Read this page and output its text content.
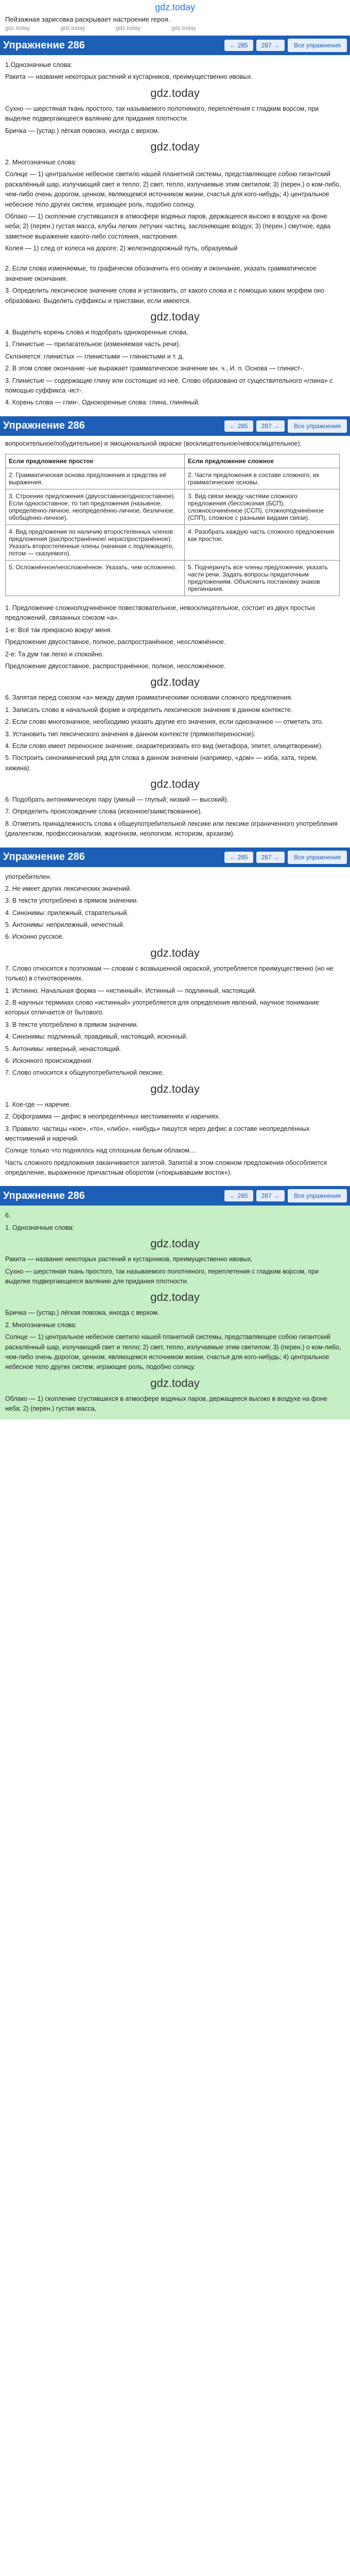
gdz.today
Пейзажная зарисовка раскрывает настроение героя.
gdz.today	gdz.today	gdz.today	gdz.today
Упражнение 286	← 285	287 →	Все упражнения

1.Однозначные слова:

Ракита — название некоторых растений и кустарников, преимущественно ивовых.

gdz.today

Сухно — шерстяная ткань простого, так называемого полотняного, переплетения с гладким ворсом, при выделке подвергающееся валянию для придания плотности.

Бричка — (устар.) лёгкая повозка, иногда с верхом.

gdz.today

2. Многозначные слова:

Солнце — 1) центральное небесное светило нашей планетной системы, представляющее собою гигантский раскалённый шар, излучающий свет и тепло; 2) свет, тепло, излучаемые этим светилом; 3) (перен.) о ком-либо, чем-либо очень дорогом, ценном, являющемся источником жизни, счастья для кого-нибудь; 4) центральное небесное тело других систем, играющее роль, подобно солнцу.

Облако — 1) скопление сгустившихся в атмосфере водяных паров, держащееся высоко в воздухе на фоне неба; 2) (перен.) густая масса, клубы легких летучих частиц, заслоняющие воздух; 3) (перен.) смутное, едва заметное выражение какого-либо состояния, настроения.

Колея — 1) след от колеса на дороге; 2) железнодорожный путь, образуемый

2. Если слова изменяемые, то графически обозначить его основу и окончание, указать грамматическое значение окончания.

3. Определить лексическое значение слова и установить, от какого слова и с помощью каких морфем оно образовано. Выделить суффиксы и приставки, если имеются.

gdz.today

4. Выделить корень слова и подобрать однокоренные слова.

1. Глинистые — прилагательное (изменяемая часть речи).

Склоняется: глинистых — глинистыми — глинистыми и т. д.

2. В этом слове окончание -ые выражает грамматическое значение мн. ч., И. п. Основа — глинист-.

3. Глинистые — содержащие глину или состоящие из неё. Слово образовано от существительного «глина» с помощью суффикса -ист-.

4. Корень слова — глин-. Однокоренные слова: глина, глиняный.

Упражнение 286	← 285	287 →	Все упражнения
вопросительное/побудительное) и эмоциональной окраске (восклицательное/невосклицательное).
Если предложение простое	Если предложение сложное
2. Грамматическая основа предложения и средства её выражения.	2. Части предложения в составе сложного, их грамматические основы.
3. Строение предложения (двусоставное/односоставное). Если односоставное, то тип предложения (назывное, определённо-личное, неопределённо-личное, безличное, обобщённо-личное).	3. Вид связи между частями сложного предложения (бессоюзная (БСП), сложносочинённое (ССП), сложноподчинённое (СПП), сложное с разными видами связи).
4. Вид предложения по наличию второстепенных членов предложения (распространённое/ нераспространённое). Указать второстепенные члены (начиная с подлежащего, потом — сказуемого).	4. Разобрать каждую часть сложного предложения как простое.
5. Осложнённое/неосложнённое. Указать, чем осложнено.	5. Подчеркнуть все члены предложения, указать части речи. Задать вопросы придаточным предложениям. Объяснить постановку знаков препинания.

1. Предложение сложноподчинённое повествовательное, невосклицательное, состоит из двух простых предложений, связанных союзом «а».

1-е: Всё так прекрасно вокруг меня.

Предложение двусоставное, полное, распространённое, неосложнённое.

2-е: Та дум так легко и спокойно.

Предложение двусоставное, распространённое, полное, неосложнённое.

gdz.today

6. Запятая перед союзом «а» между двумя грамматическими основами сложного предложения.

1. Записать слово в начальной форме и определить лексическое значение в данном контексте.

2. Если слово многозначное, необходимо указать другие его значения, если однозначное — отметить это.

3. Установить тип лексического значения в данном контексте (прямое/переносное).

4. Если слово имеет переносное значение, охарактеризовать его вид (метафора, эпитет, олицетворение).

5. Построить синонимический ряд для слова в данном значении (например, «дом» — изба, хата, терем, хижина).

gdz.today

6. Подобрать антонимическую пару (умный — глупый; низкий — высокий).

7. Определить происхождение слова (исконное/заимствованное).

8. Отметить принадлежность слова к общеупотребительной лексике или лексике ограниченного употребления (диалектизм, профессионализм, жаргонизм, неологизм, историзм, архаизм).

Упражнение 286	← 285	287 →	Все упражнения

употребителен.

2. Не имеет других лексических значений.

3. В тексте употреблено в прямом значении.

4. Синонимы: прилежный, старательный.

5. Антонимы: неприлежный, нечестный.

6. Исконно русское.

gdz.today

7. Слово относится к поэтизмам — словам с возвышенной окраской, употребляется преимущественно (но не только) в стихотворениях.

1. Истинно. Начальная форма — «истинный». Истинный — подлинный, настоящий.

2. В научных терминах слово «истинный» употребляется для определения явлений, научное понимание которых отличается от бытового.

3. В тексте употреблено в прямом значении.

4. Синонимы: подлинный, правдивый, настоящий, исконный.

5. Антонимы: неверный, ненастоящий.

6. Исконного происхождения.

7. Слово относится к общеупотребительной лексике.

gdz.today

1. Кое-где — наречие.

2. Орфограмма — дефис в неопределённых местоимениях и наречиях.

3. Правило: частицы «кое», «то», «либо», «нибудь» пишутся через дефис в составе неопределённых местоимений и наречий.

Солнце только что поднялось над сплошным белым облаком....

Часть сложного предложения заканчивается запятой. Запятой в этом сложном предложении обособляется определение, выраженное причастным оборотом («покрывавшим восток»).

Упражнение 286	← 285	287 →	Все упражнения

6.

1. Однозначные слова:

gdz.today

Ракита — название некоторых растений и кустарников, преимущественно ивовых.

Сухно — шерстяная ткань простого, так называемого полотняного, переплетения с гладким ворсом, при выделке подвергающееся валянию для придания плотности.

gdz.today

Бричка — (устар.) лёгкая повозка, иногда с верхом.

2. Многозначные слова:

Солнце — 1) центральное небесное светило нашей планетной системы, представляющее собою гигантский раскалённый шар, излучающий свет и тепло; 2) свет, тепло, излучаемые этим светилом; 3) (перен.) о ком-либо, чем-либо очень дорогом, ценном, являющемся источником жизни, счастья для кого-нибудь; 4) центральное небесное тело других систем, играющее роль, подобно солнцу.

gdz.today

Облако — 1) скопление сгустившихся в атмосфере водяных паров, держащееся высоко в воздухе на фоне неба; 2) (перен.) густая масса,
